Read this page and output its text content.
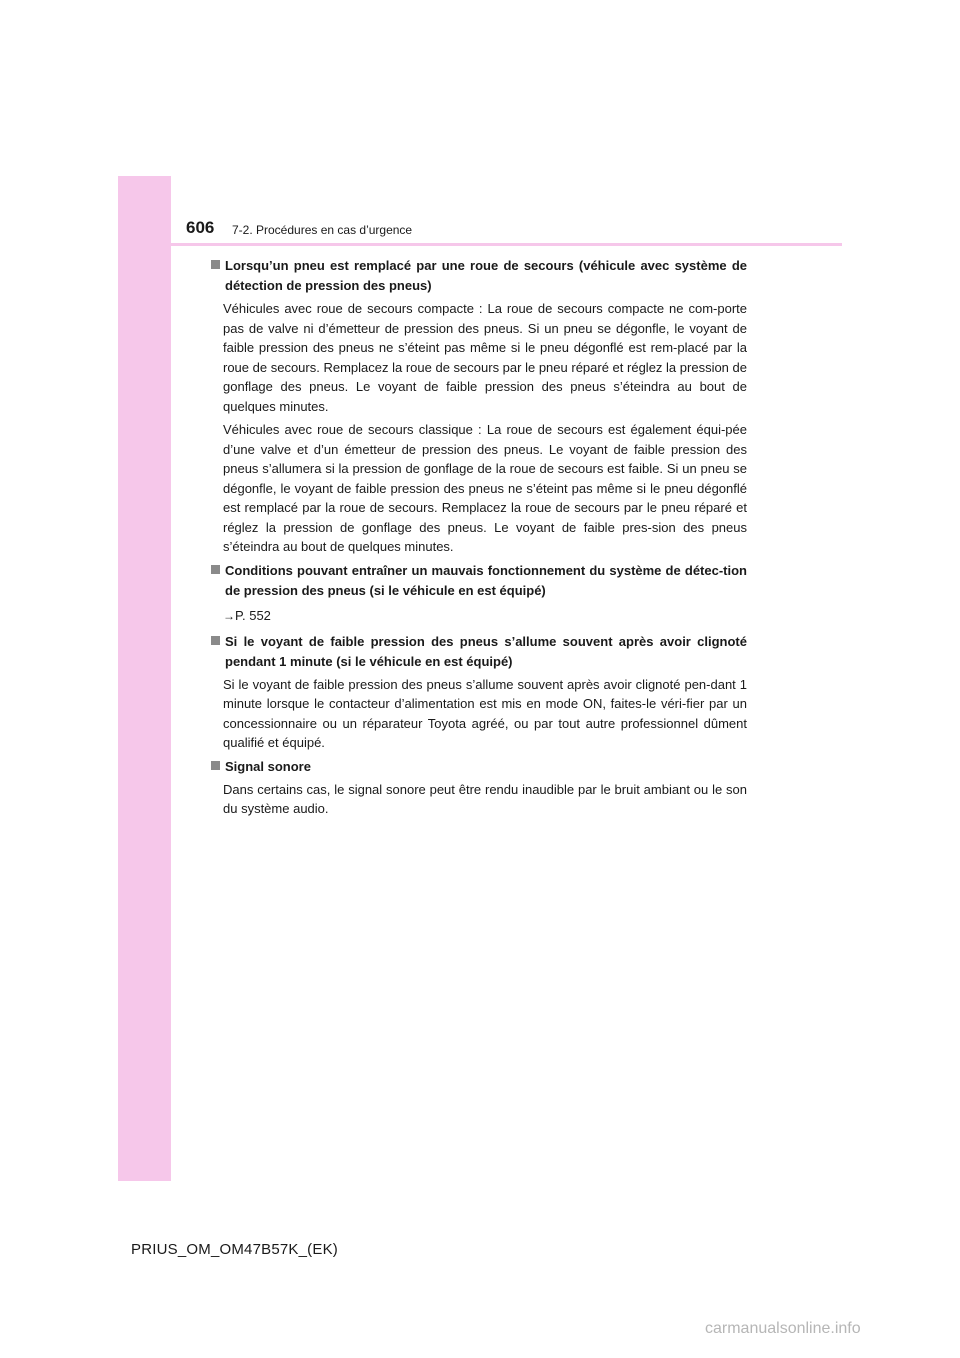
606 7-2. Procédures en cas d’urgence
Lorsqu’un pneu est remplacé par une roue de secours (véhicule avec système de détection de pression des pneus)

Véhicules avec roue de secours compacte : La roue de secours compacte ne com-porte pas de valve ni d’émetteur de pression des pneus. Si un pneu se dégonfle, le voyant de faible pression des pneus ne s’éteint pas même si le pneu dégonflé est rem-placé par la roue de secours. Remplacez la roue de secours par le pneu réparé et réglez la pression de gonflage des pneus. Le voyant de faible pression des pneus s’éteindra au bout de quelques minutes.

Véhicules avec roue de secours classique : La roue de secours est également équi-pée d’une valve et d’un émetteur de pression des pneus. Le voyant de faible pression des pneus s’allumera si la pression de gonflage de la roue de secours est faible. Si un pneu se dégonfle, le voyant de faible pression des pneus ne s’éteint pas même si le pneu dégonflé est remplacé par la roue de secours. Remplacez la roue de secours par le pneu réparé et réglez la pression de gonflage des pneus. Le voyant de faible pres-sion des pneus s’éteindra au bout de quelques minutes.

Conditions pouvant entraîner un mauvais fonctionnement du système de détec-tion de pression des pneus (si le véhicule en est équipé)

→P. 552

Si le voyant de faible pression des pneus s’allume souvent après avoir clignoté pendant 1 minute (si le véhicule en est équipé)

Si le voyant de faible pression des pneus s’allume souvent après avoir clignoté pen-dant 1 minute lorsque le contacteur d’alimentation est mis en mode ON, faites-le véri-fier par un concessionnaire ou un réparateur Toyota agréé, ou par tout autre professionnel dûment qualifié et équipé.

Signal sonore

Dans certains cas, le signal sonore peut être rendu inaudible par le bruit ambiant ou le son du système audio.

PRIUS_OM_OM47B57K_(EK)
carmanualsonline.info
